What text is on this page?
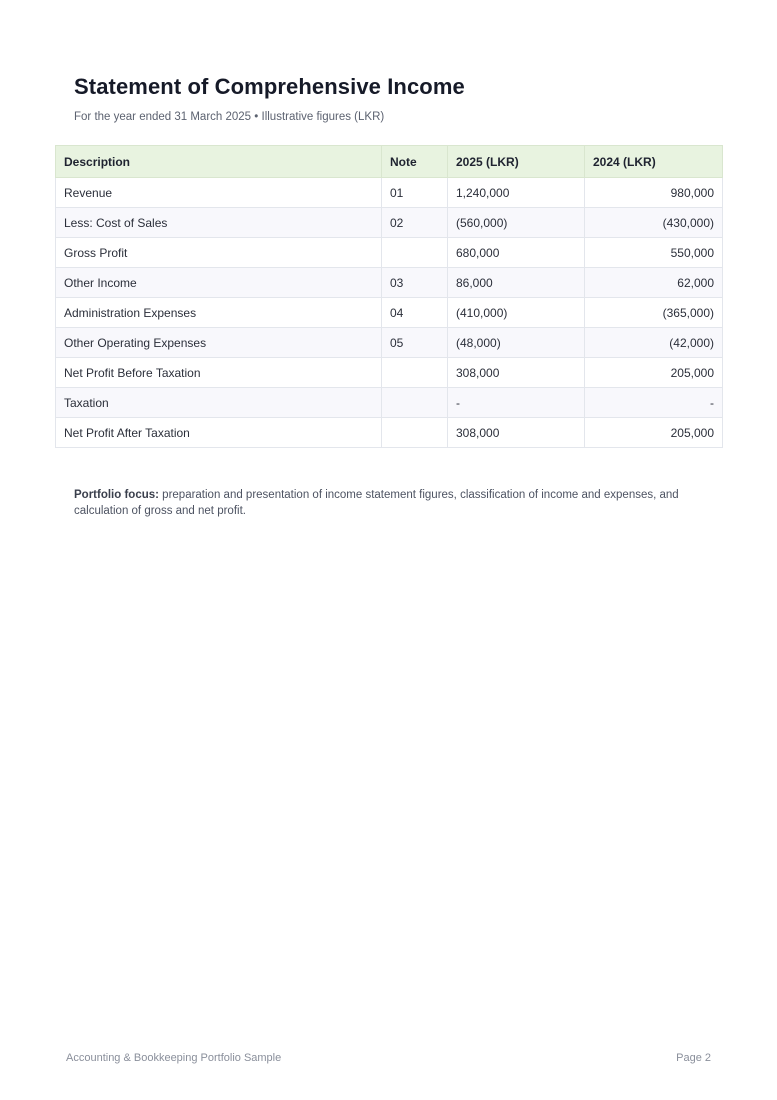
Statement of Comprehensive Income

For the year ended 31 March 2025 • Illustrative figures (LKR)

Description	Note	2025 (LKR)	2024 (LKR)
Revenue	01	1,240,000	980,000
Less: Cost of Sales	02	(560,000)	(430,000)
Gross Profit		680,000	550,000
Other Income	03	86,000	62,000
Administration Expenses	04	(410,000)	(365,000)
Other Operating Expenses	05	(48,000)	(42,000)
Net Profit Before Taxation		308,000	205,000
Taxation		-	-
Net Profit After Taxation		308,000	205,000

Portfolio focus: preparation and presentation of income statement figures, classification of income and expenses, and calculation of gross and net profit.

Accounting & Bookkeeping Portfolio Sample	Page 2
